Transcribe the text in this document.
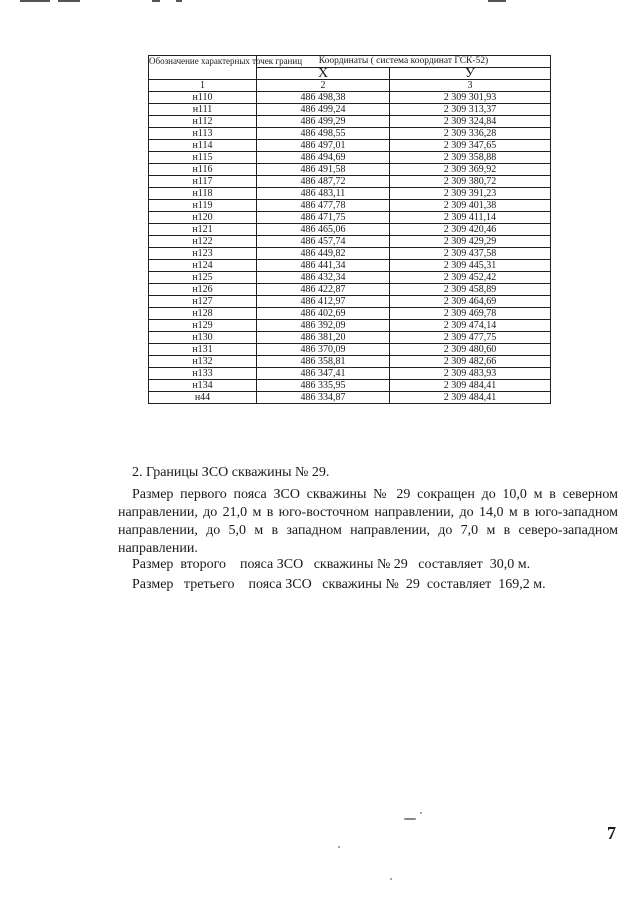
Обозначение характерных точек границ	Координаты ( система координат ГСК-52)	
	X	У
1	2	3
н110	486 498,38	2 309 301,93
н111	486 499,24	2 309 313,37
н112	486 499,29	2 309 324,84
н113	486 498,55	2 309 336,28
н114	486 497,01	2 309 347,65
н115	486 494,69	2 309 358,88
н116	486 491,58	2 309 369,92
н117	486 487,72	2 309 380,72
н118	486 483,11	2 309 391,23
н119	486 477,78	2 309 401,38
н120	486 471,75	2 309 411,14
н121	486 465,06	2 309 420,46
н122	486 457,74	2 309 429,29
н123	486 449,82	2 309 437,58
н124	486 441,34	2 309 445,31
н125	486 432,34	2 309 452,42
н126	486 422,87	2 309 458,89
н127	486 412,97	2 309 464,69
н128	486 402,69	2 309 469,78
н129	486 392,09	2 309 474,14
н130	486 381,20	2 309 477,75
н131	486 370,09	2 309 480,60
н132	486 358,81	2 309 482,66
н133	486 347,41	2 309 483,93
н134	486 335,95	2 309 484,41
н44	486 334,87	2 309 484,41
2. Границы ЗСО скважины № 29.
Размер первого пояса ЗСО скважины № 29 сокращен до 10,0 м в северном направлении, до 21,0 м в юго-восточном направлении, до 14,0 м в юго-западном направлении, до 5,0 м в западном направлении, до 7,0 м в северо-западном направлении.
Размер  второго    пояса ЗСО   скважины № 29   составляет  30,0 м.
Размер   третьего    пояса ЗСО   скважины №  29  составляет  169,2 м.
7
